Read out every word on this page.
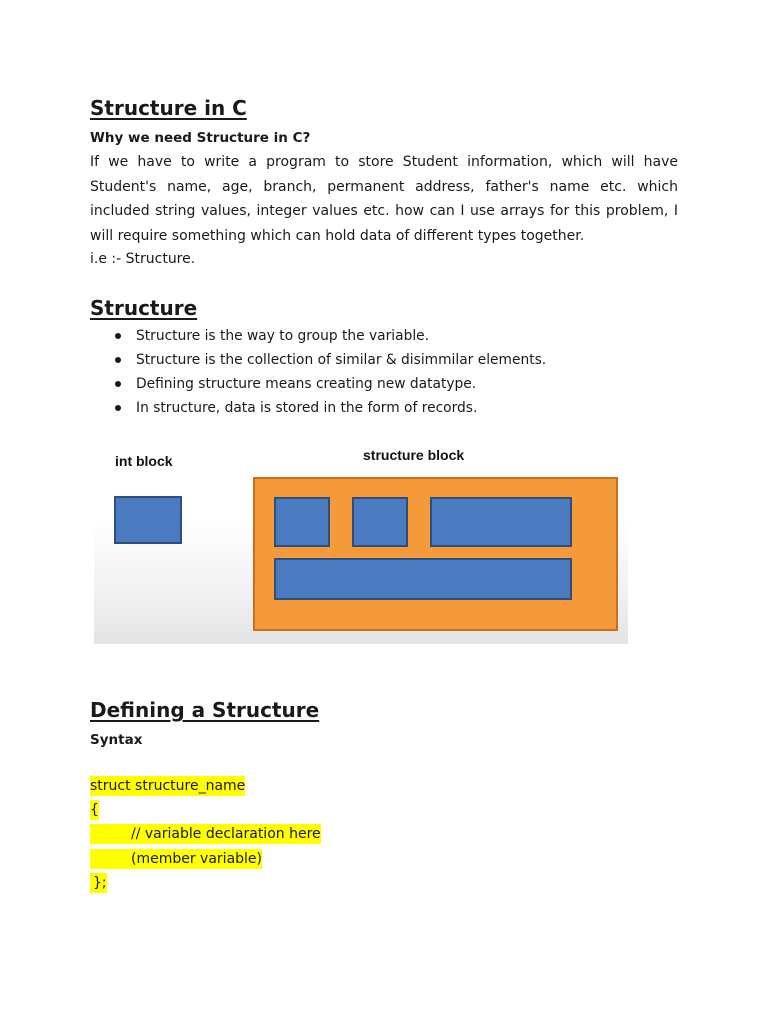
Structure in C
Why we need Structure in C?

If we have to write a program to store Student information, which will have Student's name, age, branch, permanent address, father's name etc. which included string values, integer values etc. how can I use arrays for this problem, I will require something which can hold data of different types together.

i.e :- Structure.

Structure
Structure is the way to group the variable.
Structure is the collection of similar & disimmilar elements.
Defining structure means creating new datatype.
In structure, data is stored in the form of records.
int block	structure block
Defining a Structure
Syntax

struct structure_name

{

// variable declaration here

(member variable)

};
